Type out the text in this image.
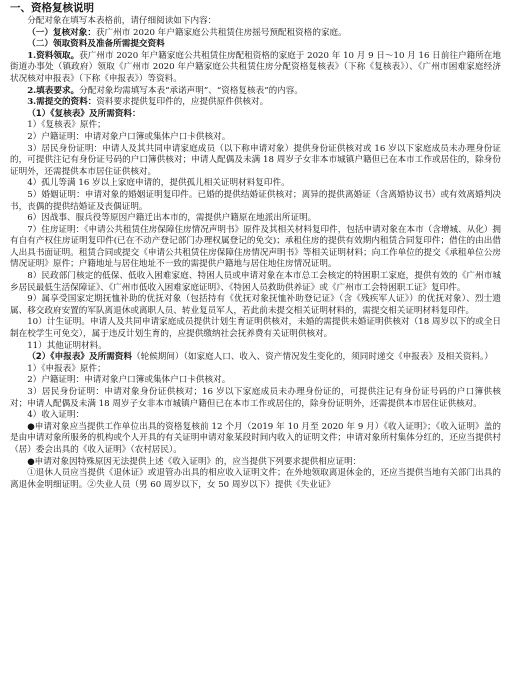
一、资格复核说明

分配对象在填写本表格前，请仔细阅读如下内容：

（一）复核对象：获广州市 2020 年户籍家庭公共租赁住房摇号预配租资格的家庭。

（二）领取资料及准备所需提交资料

1.资料领取。获广州市 2020 年户籍家庭公共租赁住房配租资格的家庭于 2020 年 10 月 9 日～10 月 16 日前往户籍所在地街道办事处（镇政府）领取《广州市 2020 年户籍家庭公共租赁住房分配资格复核表》（下称《复核表》）、《广州市困难家庭经济状况核对申报表》（下称《申报表》）等资料。

2.填表要求。分配对象均需填写本表“承诺声明”、“资格复核表”的内容。

3.需提交的资料：资料要求提供复印件的，应提供原件供核对。

（1）《复核表》及所需资料：

1）《复核表》原件；

2）户籍证明：申请对象户口簿或集体户口卡供核对。

3）居民身份证明：申请人及其共同申请家庭成员（以下称申请对象）提供身份证供核对或 16 岁以下家庭成员未办理身份证的，可提供注记有身份证号码的户口簿供核对；申请人配偶及未满 18 周岁子女非本市城镇户籍但已在本市工作或居住的，除身份证明外，还需提供本市居住证供核对。

4）孤儿等满 16 岁以上家庭申请的，提供孤儿相关证明材料复印件。

5）婚姻证明：申请对象的婚姻证明复印件。已婚的提供结婚证供核对；离异的提供离婚证（含离婚协议书）或有效离婚判决书，丧偶的提供结婚证及丧偶证明。

6）因战事、服兵役等原因户籍迁出本市的，需提供户籍原在地派出所证明。

7）住房证明：《申请公共租赁住房保障住房情况声明书》原件及其相关材料复印件，包括申请对象在本市（含增城、从化）拥有自有产权住房证明复印件(已在不动产登记部门办理权属登记的免交)；承租住房的提供有效期内租赁合同复印件；借住的由出借人出具书面证明。租赁合同或提交《申请公共租赁住房保障住房情况声明书》等相关证明材料；向工作单位的提交《承租单位公房情况证明》原件；户籍地址与居住地址不一致的需提供户籍地与居住地住房情况证明。

8）民政部门核定的低保、低收入困难家庭、特困人员或申请对象在本市总工会核定的特困职工家庭，提供有效的《广州市城乡居民最低生活保障证》、《广州市低收入困难家庭证明》、《特困人员救助供养证》或《广州市工会特困职工证》复印件。

9）属享受国家定期抚恤补助的优抚对象（包括持有《优抚对象抚恤补助登记证》（含《残疾军人证》）的优抚对象）、烈士遗属、移交政府安置的军队离退休或离职人员、转业复员军人，若此前未提交相关证明材料的，需提交相关证明材料复印件。

10）计生证明。申请人及共同申请家庭成员提供计划生育证明供核对，未婚的需提供未婚证明供核对（18 周岁以下的或全日制在校学生可免交），属于违反计划生育的，应提供缴纳社会抚养费有关证明供核对。

11）其他证明材料。

（2）《申报表》及所需资料（轮候期间）（如家庭人口、收入、资产情况发生变化的，须同时递交《申报表》及相关资料。）

1）《申报表》原件；

2）户籍证明：申请对象户口簿或集体户口卡供核对。

3）居民身份证明：申请对象身份证供核对；16 岁以下家庭成员未办理身份证的，可提供注记有身份证号码的户口簿供核对；申请人配偶及未满 18 周岁子女非本市城镇户籍但已在本市工作或居住的，除身份证明外，还需提供本市居住证供核对。

4）收入证明：

●申请对象应当提供工作单位出具的资格复核前 12 个月（2019 年 10 月至 2020 年 9 月）《收入证明》；《收入证明》盖的是由申请对象所服务的机构或个人开具的有关证明申请对象某段时间内收入的证明文件；申请对象所村集体分红的，还应当提供村（居）委会出具的《收入证明》（农村居民）。

●申请对象因特殊原因无法提供上述《收入证明》的，应当提供下列要求提供相应证明：

①退休人员应当提供《退休证》或退管办出具的相应收入证明文件；在外地领取离退休金的，还应当提供当地有关部门出具的离退休金明细证明。②失业人员（男 60 周岁以下，女 50 周岁以下）提供《失业证》
